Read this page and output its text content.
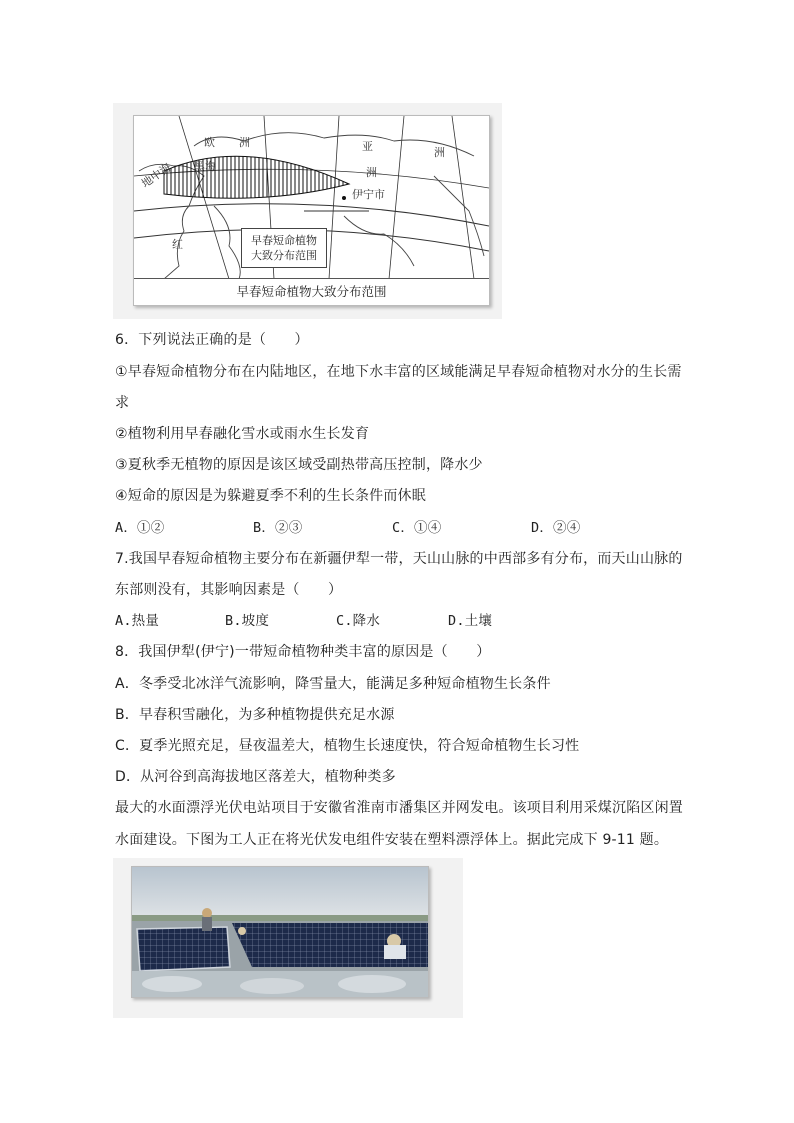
欧 洲	亚	洲
洲
黑海
地中海
伊宁市
红	早春短命植物
大致分布范围
早春短命植物大致分布范围
6．下列说法正确的是（　　）
①早春短命植物分布在内陆地区，在地下水丰富的区域能满足早春短命植物对水分的生长需
求
②植物利用早春融化雪水或雨水生长发育
③夏秋季无植物的原因是该区域受副热带高压控制，降水少
④短命的原因是为躲避夏季不利的生长条件而休眠
A．①②	B．②③	C．①④	D．②④
7.我国早春短命植物主要分布在新疆伊犁一带，天山山脉的中西部多有分布，而天山山脉的
东部则没有，其影响因素是（　　）
A.热量	B.坡度	C.降水	D.土壤
8．我国伊犁(伊宁)一带短命植物种类丰富的原因是（　　）
A．冬季受北冰洋气流影响，降雪量大，能满足多种短命植物生长条件
B．早春积雪融化，为多种植物提供充足水源
C．夏季光照充足，昼夜温差大，植物生长速度快，符合短命植物生长习性
D．从河谷到高海拔地区落差大，植物种类多
最大的水面漂浮光伏电站项目于安徽省淮南市潘集区并网发电。该项目利用采煤沉陷区闲置
水面建设。下图为工人正在将光伏发电组件安装在塑料漂浮体上。据此完成下 9-11 题。
